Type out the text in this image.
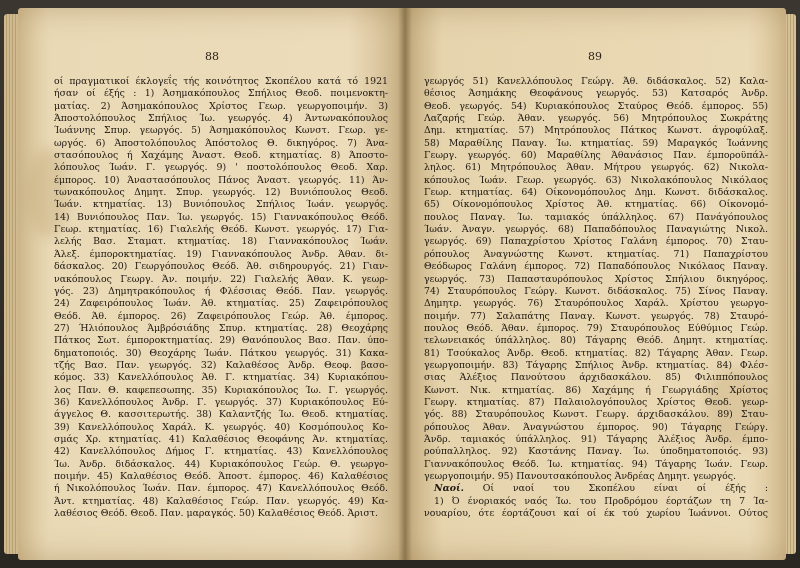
88
οί πραγματικοί έκλογεΐς τής κοινότητος Σκοπέλου κατά τό 1921
ήσαν οί έξής : 1) Άσημακόπουλος Σπήλιος Θεοδ. ποιμενοκτη-
ματίας. 2) Άσημακόπουλος Χρίστος Γεωρ. γεωργοποιμήν. 3)
Άποστολόπουλος Σπήλιος Ίω. γεωργός. 4) Άντωνακόπουλος
Ίωάννης Σπυρ. γεωργός. 5) Άσημακόπουλος Κωνστ. Γεωρ. γε-
ωργός. 6) Άποστολόπουλος Άπόστολος Θ. δικηγόρος. 7) Άνα-
στασόπουλος ή Χαχάμης Άναστ. Θεοδ. κτηματίας. 8) Άποστο-
λόπουλος Ίωάν. Γ. γεωργός. 9) ' ποστολόπουλος Θεοδ. Χαρ.
έμπορος. 10) Άναστασόπουλος Πάνος Άναστ. γεωργός. 11) Άν-
τωνακόπουλος Δημητ. Σπυρ. γεωργός. 12) Βυνιόπουλος Θεοδ.
Ίωάν. κτηματίας. 13) Βυνιόπουλος Σπήλιος Ίωάν. γεωργός.
14) Βυνιόπουλος Παν. Ίω. γεωργός. 15) Γιαννακόπουλος Θεόδ.
Γεωρ. κτηματίας. 16) Γιαλελής Θεόδ. Κωνστ. γεωργός. 17) Για-
λελής Βασ. Σταματ. κτηματίας. 18) Γιαννακόπουλος Ίωάν.
Άλεξ. έμποροκτηματίας. 19) Γιαννακόπουλος Άνδρ. Άθαν. δι-
δάσκαλος. 20) Γεωργόπουλος Θεόδ. Άθ. σιδηρουργός. 21) Γιαν-
νακόπουλος Γεωργ. Άν. ποιμήν. 22) Γιαλελής Άθαν. Κ. γεωρ-
γός. 23) Δημητρακόπουλος ή Φλέσσιας Θεόδ. Παν. γεωργός.
24) Ζαφειρόπουλος Ίωάν. Άθ. κτηματίας. 25) Ζαφειρόπουλος
Θεόδ. Άθ. έμπορος. 26) Ζαφειρόπουλος Γεώρ. Άθ. έμπορος.
27) Ήλιόπουλος Άμβρόσιάδης Σπυρ. κτηματίας. 28) Θεοχάρης
Πάτκος Σωτ. έμποροκτηματίας. 29) Θανόπουλος Βασ. Παν. ύπο-
δηματοποιός. 30) Θεοχάρης Ίωάν. Πάτκου γεωργός. 31) Κακα-
τζής Βασ. Παν. γεωργός. 32) Καλαθέσος Άνδρ. Θεοφ. βασο-
κόμος. 33) Κανελλόπουλος Άθ. Γ. κτηματίας. 34) Κυριακόπου-
λος Παν. Θ. καφεπεσωπης. 35) Κυριακόπουλος Ίω. Γ. γεωργός.
36) Κανελλόπουλος Άνδρ. Γ. γεωργός. 37) Κυριακόπουλος Εύ-
άγγελος Θ. κασσιτερωτής. 38) Καλαντζής Ίω. Θεοδ. κτηματίας.
39) Κανελλόπουλος Χαράλ. Κ. γεωργός. 40) Κοσμόπουλος Κο-
σμάς Χρ. κτηματίας. 41) Καλαθέσιος Θεοφάνης Άν. κτηματίας.
42) Κανελλόπουλος Δήμος Γ. κτηματίας. 43) Κανελλόπουλος
Ίω. Άνδρ. διδάσκαλος. 44) Κυριακόπουλος Γεώρ. Θ. γεωργο-
ποιμήν. 45) Καλαθέσιος Θεόδ. Άποστ. έμπορος. 46) Καλαθέσιος
ή Νικολόπουλος Ίωάν. Παν. έμπορος. 47) Κανελλόπουλος Θεόδ.
Άντ. κτηματίας. 48) Καλαθέσιος Γεώρ. Παν. γεωργός. 49) Κα-
λαθέσιος Θεόδ. Θεοδ. Παν. μαραγκός. 50) Καλαθέσιος Θεόδ. Άριστ.
89
γεωργός 51) Κανελλόπουλος Γεώργ. Άθ. διδάσκαλος. 52) Καλα-
θέσιος Άσημάκης Θεοφάνους γεωργός. 53) Κατσαρός Άνδρ.
Θεοδ. γεωργός. 54) Κυριακόπουλος Σταύρος Θεόδ. έμπορος. 55)
Λαζαρής Γεώρ. Άθαν. γεωργός. 56) Μητρόπουλος Σωκράτης
Δημ. κτηματίας. 57) Μητρόπουλος Πάτκος Κωνστ. άγροφύλαξ.
58) Μαραθίλης Παναγ. Ίω. κτηματίας. 59) Μαραγκός Ίωάννης
Γεωργ. γεωργός. 60) Μαραθίλης Άθανάσιος Παν. έμποροϋπάλ-
ληλος. 61) Μητρόπουλος Άθαν. Μήτρου γεωργός. 62) Νικολα-
κόπουλος Ίωάν. Γεωρ. γεωργός. 63) Νικολακόπουλος Νικόλαος
Γεωρ. κτηματίας. 64) Οίκονομόπουλος Δημ. Κωνστ. διδάσκαλος.
65) Οίκονομόπουλος Χρίστος Άθ. κτηματίας. 66) Οίκονομό-
πουλος Παναγ. Ίω. ταμιακός ύπάλληλος. 67) Πανάγόπουλος
Ίωάν. Άναγν. γεωργός. 68) Παπαδόπουλος Παναγιώτης Νικολ.
γεωργός. 69) Παπαχρίστου Χρίστος Γαλάνη έμπορος. 70) Σταυ-
ρόπουλος Άναγνώστης Κωνστ. κτηματίας. 71) Παπαχρίστου
Θεόδωρος Γαλάνη έμπορος. 72) Παπαδόπουλος Νικόλαος Παναγ.
γεωργός. 73) Παπασταυρόπουλος Χρίστος Σπήλιου δικηγόρος.
74) Σταυρόπουλος Γεώργ. Κωνστ. διδάσκαλος. 75) Σίνος Παναγ.
Δημητρ. γεωργός. 76) Σταυρόπουλος Χαράλ. Χρίστου γεωργο-
ποιμήν. 77) Σαλαπάτης Παναγ. Κωνστ. γεωργός. 78) Σταυρό-
πουλος Θεόδ. Άθαν. έμπορος. 79) Σταυρόπουλος Εύθύμιος Γεώρ.
τελωνειακός ύπάλληλος. 80) Τάγαρης Θεόδ. Δημητ. κτηματίας.
81) Τσούκαλος Άνδρ. Θεοδ. κτηματίας. 82) Τάγαρης Άθαν. Γεωρ.
γεωργοποιμήν. 83) Τάγαρης Σπήλιος Άνδρ. κτηματίας. 84) Φλέσ-
σιας Άλέξιος Πανούτσου άρχιδασκάλου. 85) Φιλιππόπουλος
Κωνστ. Νικ. κτηματίας. 86) Χαχάμης ή Γεωργιάδης Χρίστος
Γεωργ. κτηματίας. 87) Παλαιολογόπουλος Χρίστος Θεοδ. γεωρ-
γός. 88) Σταυρόπουλος Κωνστ. Γεωργ. άρχιδασκάλου. 89) Σταυ-
ρόπουλος Άθαν. Άναγνώστου έμπορος. 90) Τάγαρης Γεώργ.
Άνδρ. ταμιακός ύπάλληλος. 91) Τάγαρης Άλέξιος Άνδρ. έμπο-
ρούπαλληλος. 92) Καστάνης Παναγ. Ίω. ύποδηματοποιός. 93)
Γιαννακόπουλος Θεόδ. Ίω. κτηματίας. 94) Τάγαρης Ίωάν. Γεωρ.
γεωργοποιμήν. 95) Πανουτσακόπουλος Άνδρέας Δημητ. γεωργός.
Ναοί. Οί ναοί του Σκοπέλου είναι οί έξής :
1) Ό ένοριακός ναός Ίω. του Προδρόμου έορτάζων τη 7 Ία-
νουαρίου, ότε έορτάζουσι καί οί έκ τού χωρίου Ίωάννοι. Ούτος
